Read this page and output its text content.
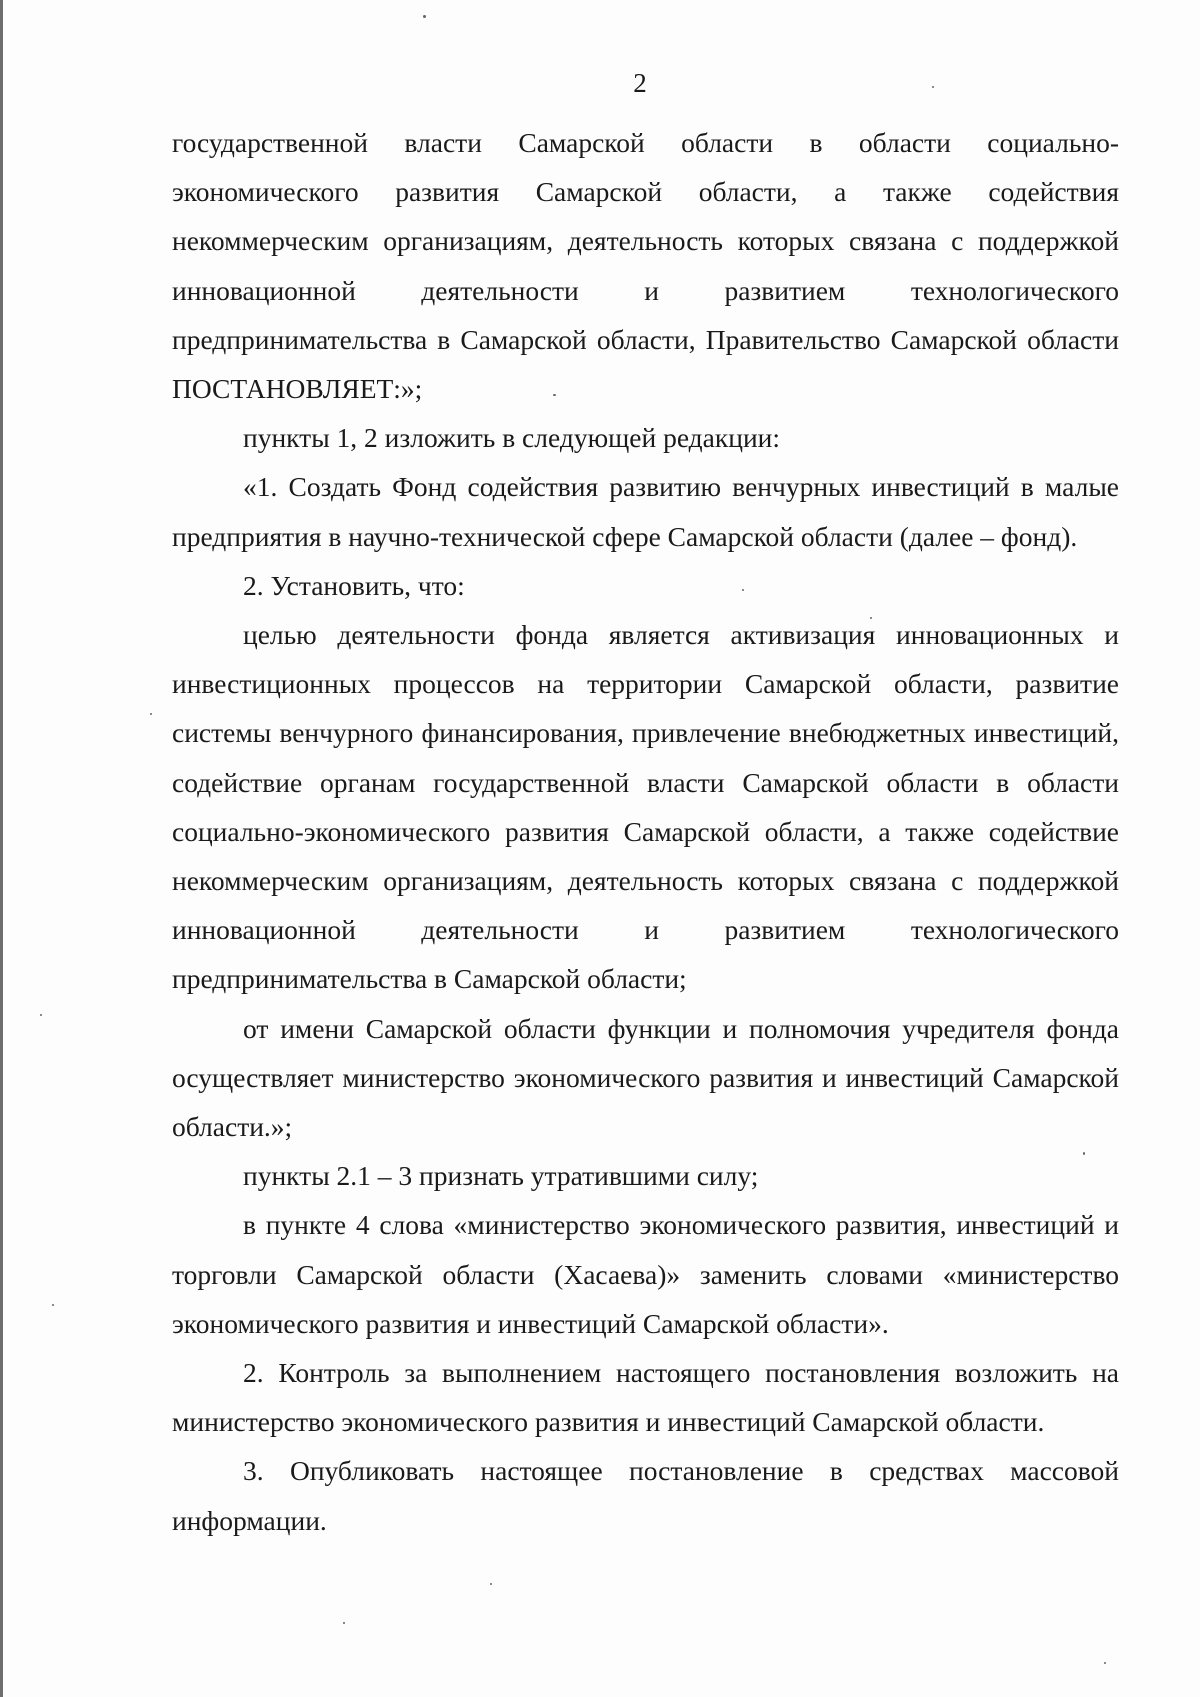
2

государственной власти Самарской области в области социально-экономического развития Самарской области, а также содействия некоммерческим организациям, деятельность которых связана с поддержкой инновационной деятельности и развитием технологического предпринимательства в Самарской области, Правительство Самарской области ПОСТАНОВЛЯЕТ:»;

пункты 1, 2 изложить в следующей редакции:

«1. Создать Фонд содействия развитию венчурных инвестиций в малые предприятия в научно-технической сфере Самарской области (далее – фонд).

2. Установить, что:

целью деятельности фонда является активизация инновационных и инвестиционных процессов на территории Самарской области, развитие системы венчурного финансирования, привлечение внебюджетных инвестиций, содействие органам государственной власти Самарской области в области социально-экономического развития Самарской области, а также содействие некоммерческим организациям, деятельность которых связана с поддержкой инновационной деятельности и развитием технологического предпринимательства в Самарской области;

от имени Самарской области функции и полномочия учредителя фонда осуществляет министерство экономического развития и инвестиций Самарской области.»;

пункты 2.1 – 3 признать утратившими силу;

в пункте 4 слова «министерство экономического развития, инвестиций и торговли Самарской области (Хасаева)» заменить словами «министерство экономического развития и инвестиций Самарской области».

2. Контроль за выполнением настоящего постановления возложить на министерство экономического развития и инвестиций Самарской области.

3. Опубликовать настоящее постановление в средствах массовой информации.
